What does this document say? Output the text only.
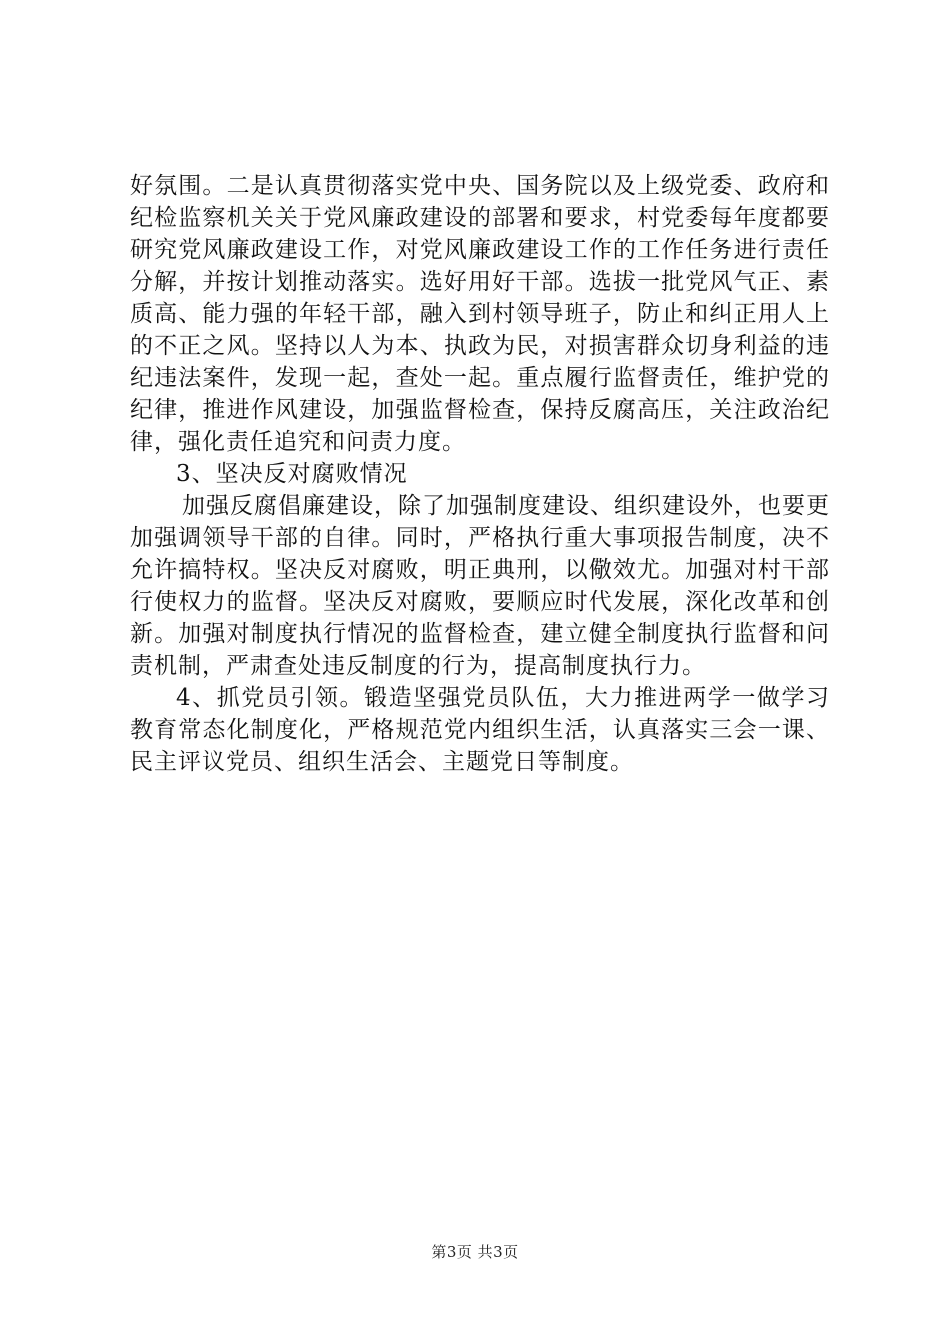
好氛围。二是认真贯彻落实党中央、国务院以及上级党委、政府和纪检监察机关关于党风廉政建设的部署和要求，村党委每年度都要研究党风廉政建设工作，对党风廉政建设工作的工作任务进行责任分解，并按计划推动落实。选好用好干部。选拔一批党风气正、素质高、能力强的年轻干部，融入到村领导班子，防止和纠正用人上的不正之风。坚持以人为本、执政为民，对损害群众切身利益的违纪违法案件，发现一起，查处一起。重点履行监督责任，维护党的纪律，推进作风建设，加强监督检查，保持反腐高压，关注政治纪律，强化责任追究和问责力度。

3、坚决反对腐败情况

加强反腐倡廉建设，除了加强制度建设、组织建设外，也要更加强调领导干部的自律。同时，严格执行重大事项报告制度，决不允许搞特权。坚决反对腐败，明正典刑，以儆效尤。加强对村干部行使权力的监督。坚决反对腐败，要顺应时代发展，深化改革和创新。加强对制度执行情况的监督检查，建立健全制度执行监督和问责机制，严肃查处违反制度的行为，提高制度执行力。

4、抓党员引领。锻造坚强党员队伍，大力推进两学一做学习教育常态化制度化，严格规范党内组织生活，认真落实三会一课、民主评议党员、组织生活会、主题党日等制度。

第3页 共3页
